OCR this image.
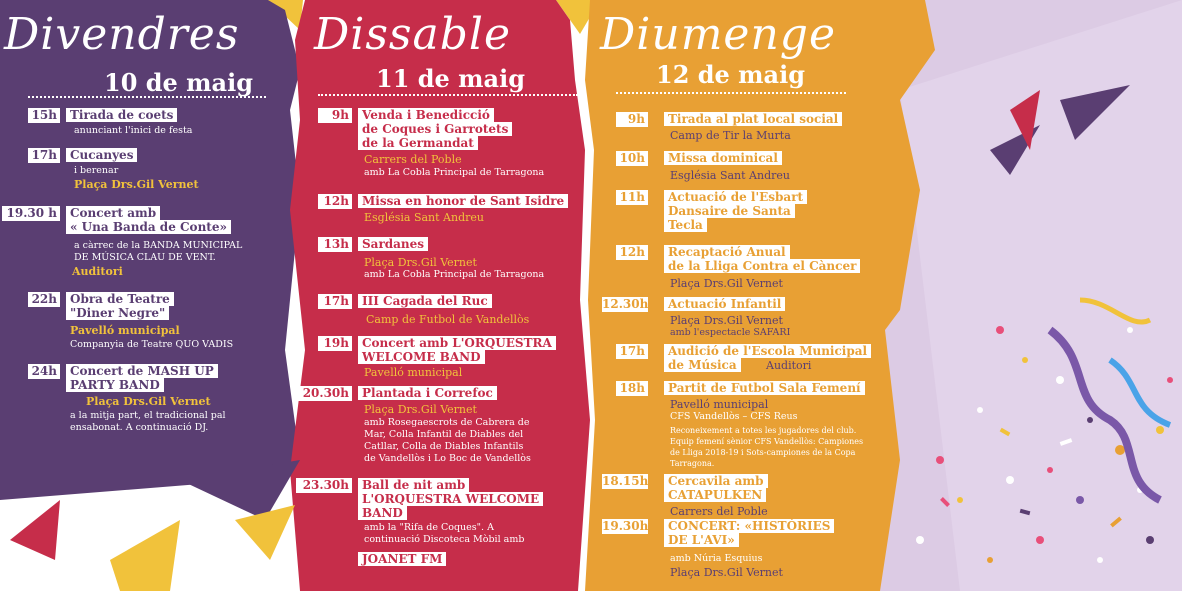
Divendres
10 de maig
15h	Tirada de coets
anunciant l'inici de festa
17h	Cucanyes
i berenar
Plaça Drs.Gil Vernet
19.30 h	Concert amb
« Una Banda de Conte»
a càrrec de la BANDA MUNICIPAL
DE MÚSICA CLAU DE VENT.
Auditori
22h	Obra de Teatre
"Diner Negre"
Pavelló municipal
Companyia de Teatre QUO VADIS
24h	Concert de MASH UP
PARTY BAND
Plaça Drs.Gil Vernet
a la mitja part, el tradicional pal
ensabonat. A continuació DJ.
Dissable
11 de maig
9h	Venda i Benedicció
de Coques i Garrotets
de la Germandat
Carrers del Poble
amb La Cobla Principal de Tarragona
12h	Missa en honor de Sant Isidre
Església Sant Andreu
13h	Sardanes
Plaça Drs.Gil Vernet
amb La Cobla Principal de Tarragona
17h	III Cagada del Ruc
Camp de Futbol de Vandellòs
19h	Concert amb L'ORQUESTRA
WELCOME BAND
Pavelló municipal
20.30h	Plantada i Correfoc
Plaça Drs.Gil Vernet
amb Rosegaescrots de Cabrera de
Mar, Colla Infantil de Diables del
Catllar, Colla de Diables Infantils
de Vandellòs i Lo Boc de Vandellòs
23.30h	Ball de nit amb
L'ORQUESTRA WELCOME
BAND
amb la "Rifa de Coques". A
continuació Discoteca Mòbil amb
JOANET FM
Diumenge
12 de maig
9h	Tirada al plat local social
Camp de Tir la Murta
10h	Missa dominical
Església Sant Andreu
11h	Actuació de l'Esbart
Dansaire de Santa
Tecla
12h	Recaptació Anual
de la Lliga Contra el Càncer
Plaça Drs.Gil Vernet
12.30h	Actuació Infantil
Plaça Drs.Gil Vernet
amb l'espectacle SAFARI
17h	Audició de l'Escola Municipal
de Música	Auditori
18h	Partit de Futbol Sala Femení
Pavelló municipal
CFS Vandellòs – CFS Reus
Reconeixement a totes les jugadores del club.
Equip femení sènior CFS Vandellòs: Campiones
de Lliga 2018-19 i Sots-campiones de la Copa
Tarragona.
18.15h	Cercavila amb
CATAPULKEN
Carrers del Poble
19.30h	CONCERT: «HISTÒRIES
DE L'AVI»
amb Núria Esquius
Plaça Drs.Gil Vernet
